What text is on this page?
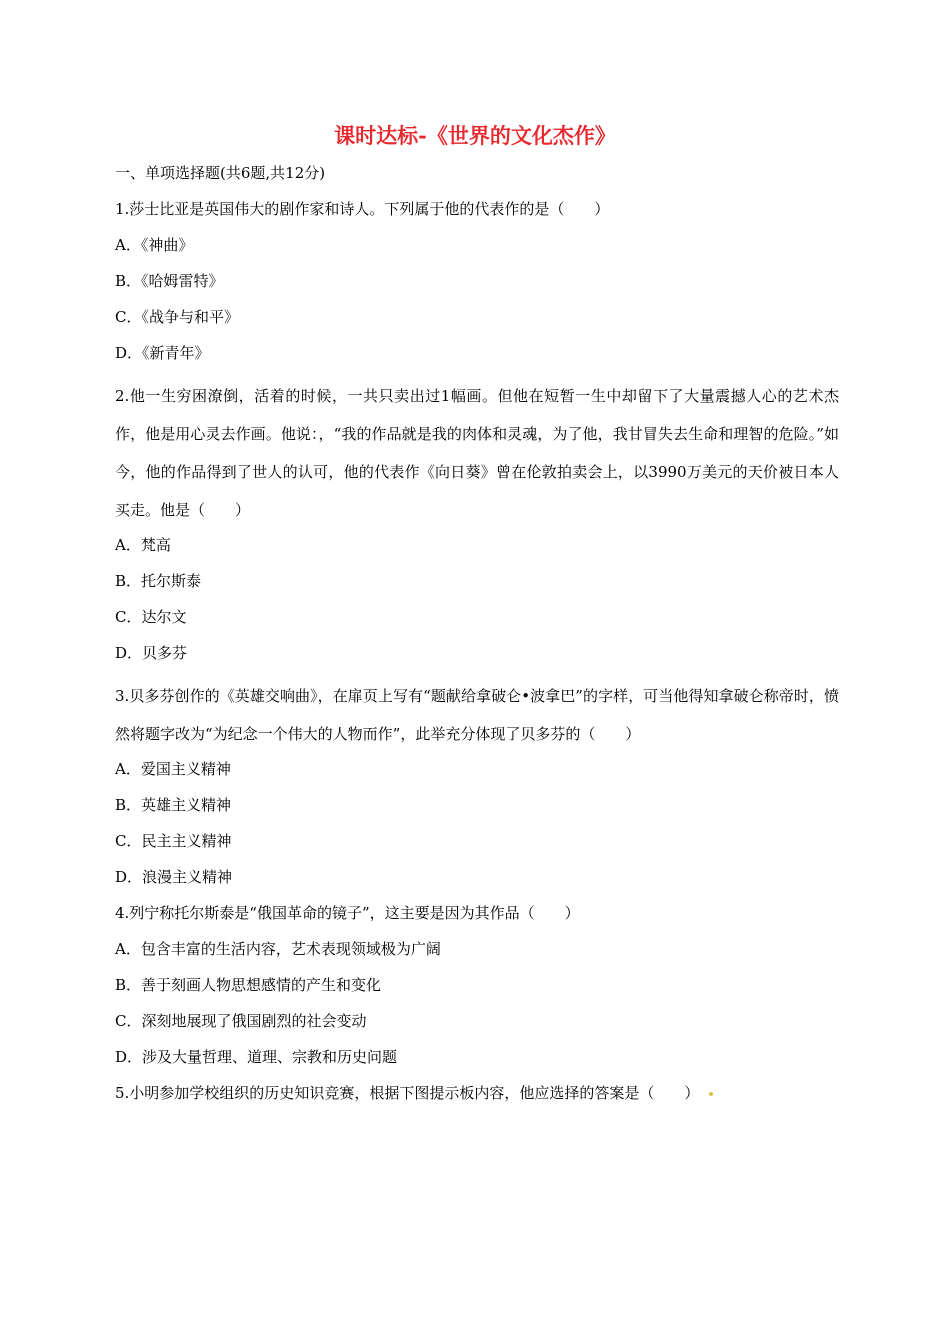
课时达标-《世界的文化杰作》
一、单项选择题(共6题,共12分)

1.莎士比亚是英国伟大的剧作家和诗人。下列属于他的代表作的是（　　）

A．《神曲》
B．《哈姆雷特》
C．《战争与和平》
D．《新青年》

2.他一生穷困潦倒，活着的时候，一共只卖出过1幅画。但他在短暂一生中却留下了大量震撼人心的艺术杰作，他是用心灵去作画。他说：，“我的作品就是我的肉体和灵魂，为了他，我甘冒失去生命和理智的危险。”如今，他的作品得到了世人的认可，他的代表作《向日葵》曾在伦敦拍卖会上，以3990万美元的天价被日本人买走。他是（　　）

A．梵高
B．托尔斯泰
C．达尔文
D．贝多芬

3.贝多芬创作的《英雄交响曲》，在扉页上写有“题献给拿破仑•波拿巴”的字样，可当他得知拿破仑称帝时，愤然将题字改为“为纪念一个伟大的人物而作”，此举充分体现了贝多芬的（　　）

A．爱国主义精神
B．英雄主义精神
C．民主主义精神
D．浪漫主义精神

4.列宁称托尔斯泰是“俄国革命的镜子”，这主要是因为其作品（　　）

A．包含丰富的生活内容，艺术表现领域极为广阔
B．善于刻画人物思想感情的产生和变化
C．深刻地展现了俄国剧烈的社会变动
D．涉及大量哲理、道理、宗教和历史问题

5.小明参加学校组织的历史知识竞赛，根据下图提示板内容，他应选择的答案是（　　）
